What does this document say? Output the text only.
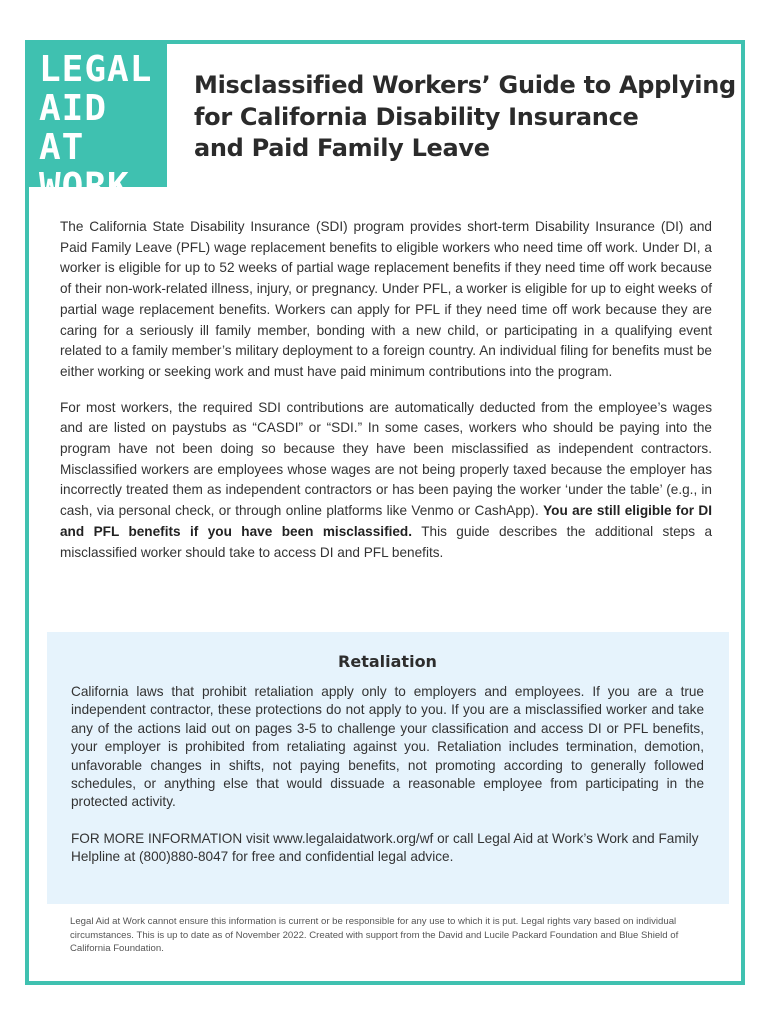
LEGAL
AID AT
WORK
Misclassified Workers’ Guide to Applying
for California Disability Insurance
and Paid Family Leave

The California State Disability Insurance (SDI) program provides short-term Disability Insurance (DI) and Paid Family Leave (PFL) wage replacement benefits to eligible workers who need time off work. Under DI, a worker is eligible for up to 52 weeks of partial wage replacement benefits if they need time off work because of their non-work-related illness, injury, or pregnancy. Under PFL, a worker is eligible for up to eight weeks of partial wage replacement benefits. Workers can apply for PFL if they need time off work because they are caring for a seriously ill family member, bonding with a new child, or participating in a qualifying event related to a family member’s military deployment to a foreign country. An individual filing for benefits must be either working or seeking work and must have paid minimum contributions into the program.

For most workers, the required SDI contributions are automatically deducted from the employee’s wages and are listed on paystubs as “CASDI” or “SDI.” In some cases, workers who should be paying into the program have not been doing so because they have been misclassified as independent contractors. Misclassified workers are employees whose wages are not being properly taxed because the employer has incorrectly treated them as independent contractors or has been paying the worker ‘under the table’ (e.g., in cash, via personal check, or through online platforms like Venmo or CashApp). You are still eligible for DI and PFL benefits if you have been misclassified. This guide describes the additional steps a misclassified worker should take to access DI and PFL benefits.

Retaliation

California laws that prohibit retaliation apply only to employers and employees. If you are a true independent contractor, these protections do not apply to you. If you are a misclassified worker and take any of the actions laid out on pages 3-5 to challenge your classification and access DI or PFL benefits, your employer is prohibited from retaliating against you. Retaliation includes termination, demotion, unfavorable changes in shifts, not paying benefits, not promoting according to generally followed schedules, or anything else that would dissuade a reasonable employee from participating in the protected activity.

FOR MORE INFORMATION visit www.legalaidatwork.org/wf or call Legal Aid at Work’s Work and Family Helpline at (800)880-8047 for free and confidential legal advice.

Legal Aid at Work cannot ensure this information is current or be responsible for any use to which it is put. Legal rights vary based on individual circumstances. This is up to date as of November 2022. Created with support from the David and Lucile Packard Foundation and Blue Shield of California Foundation.
